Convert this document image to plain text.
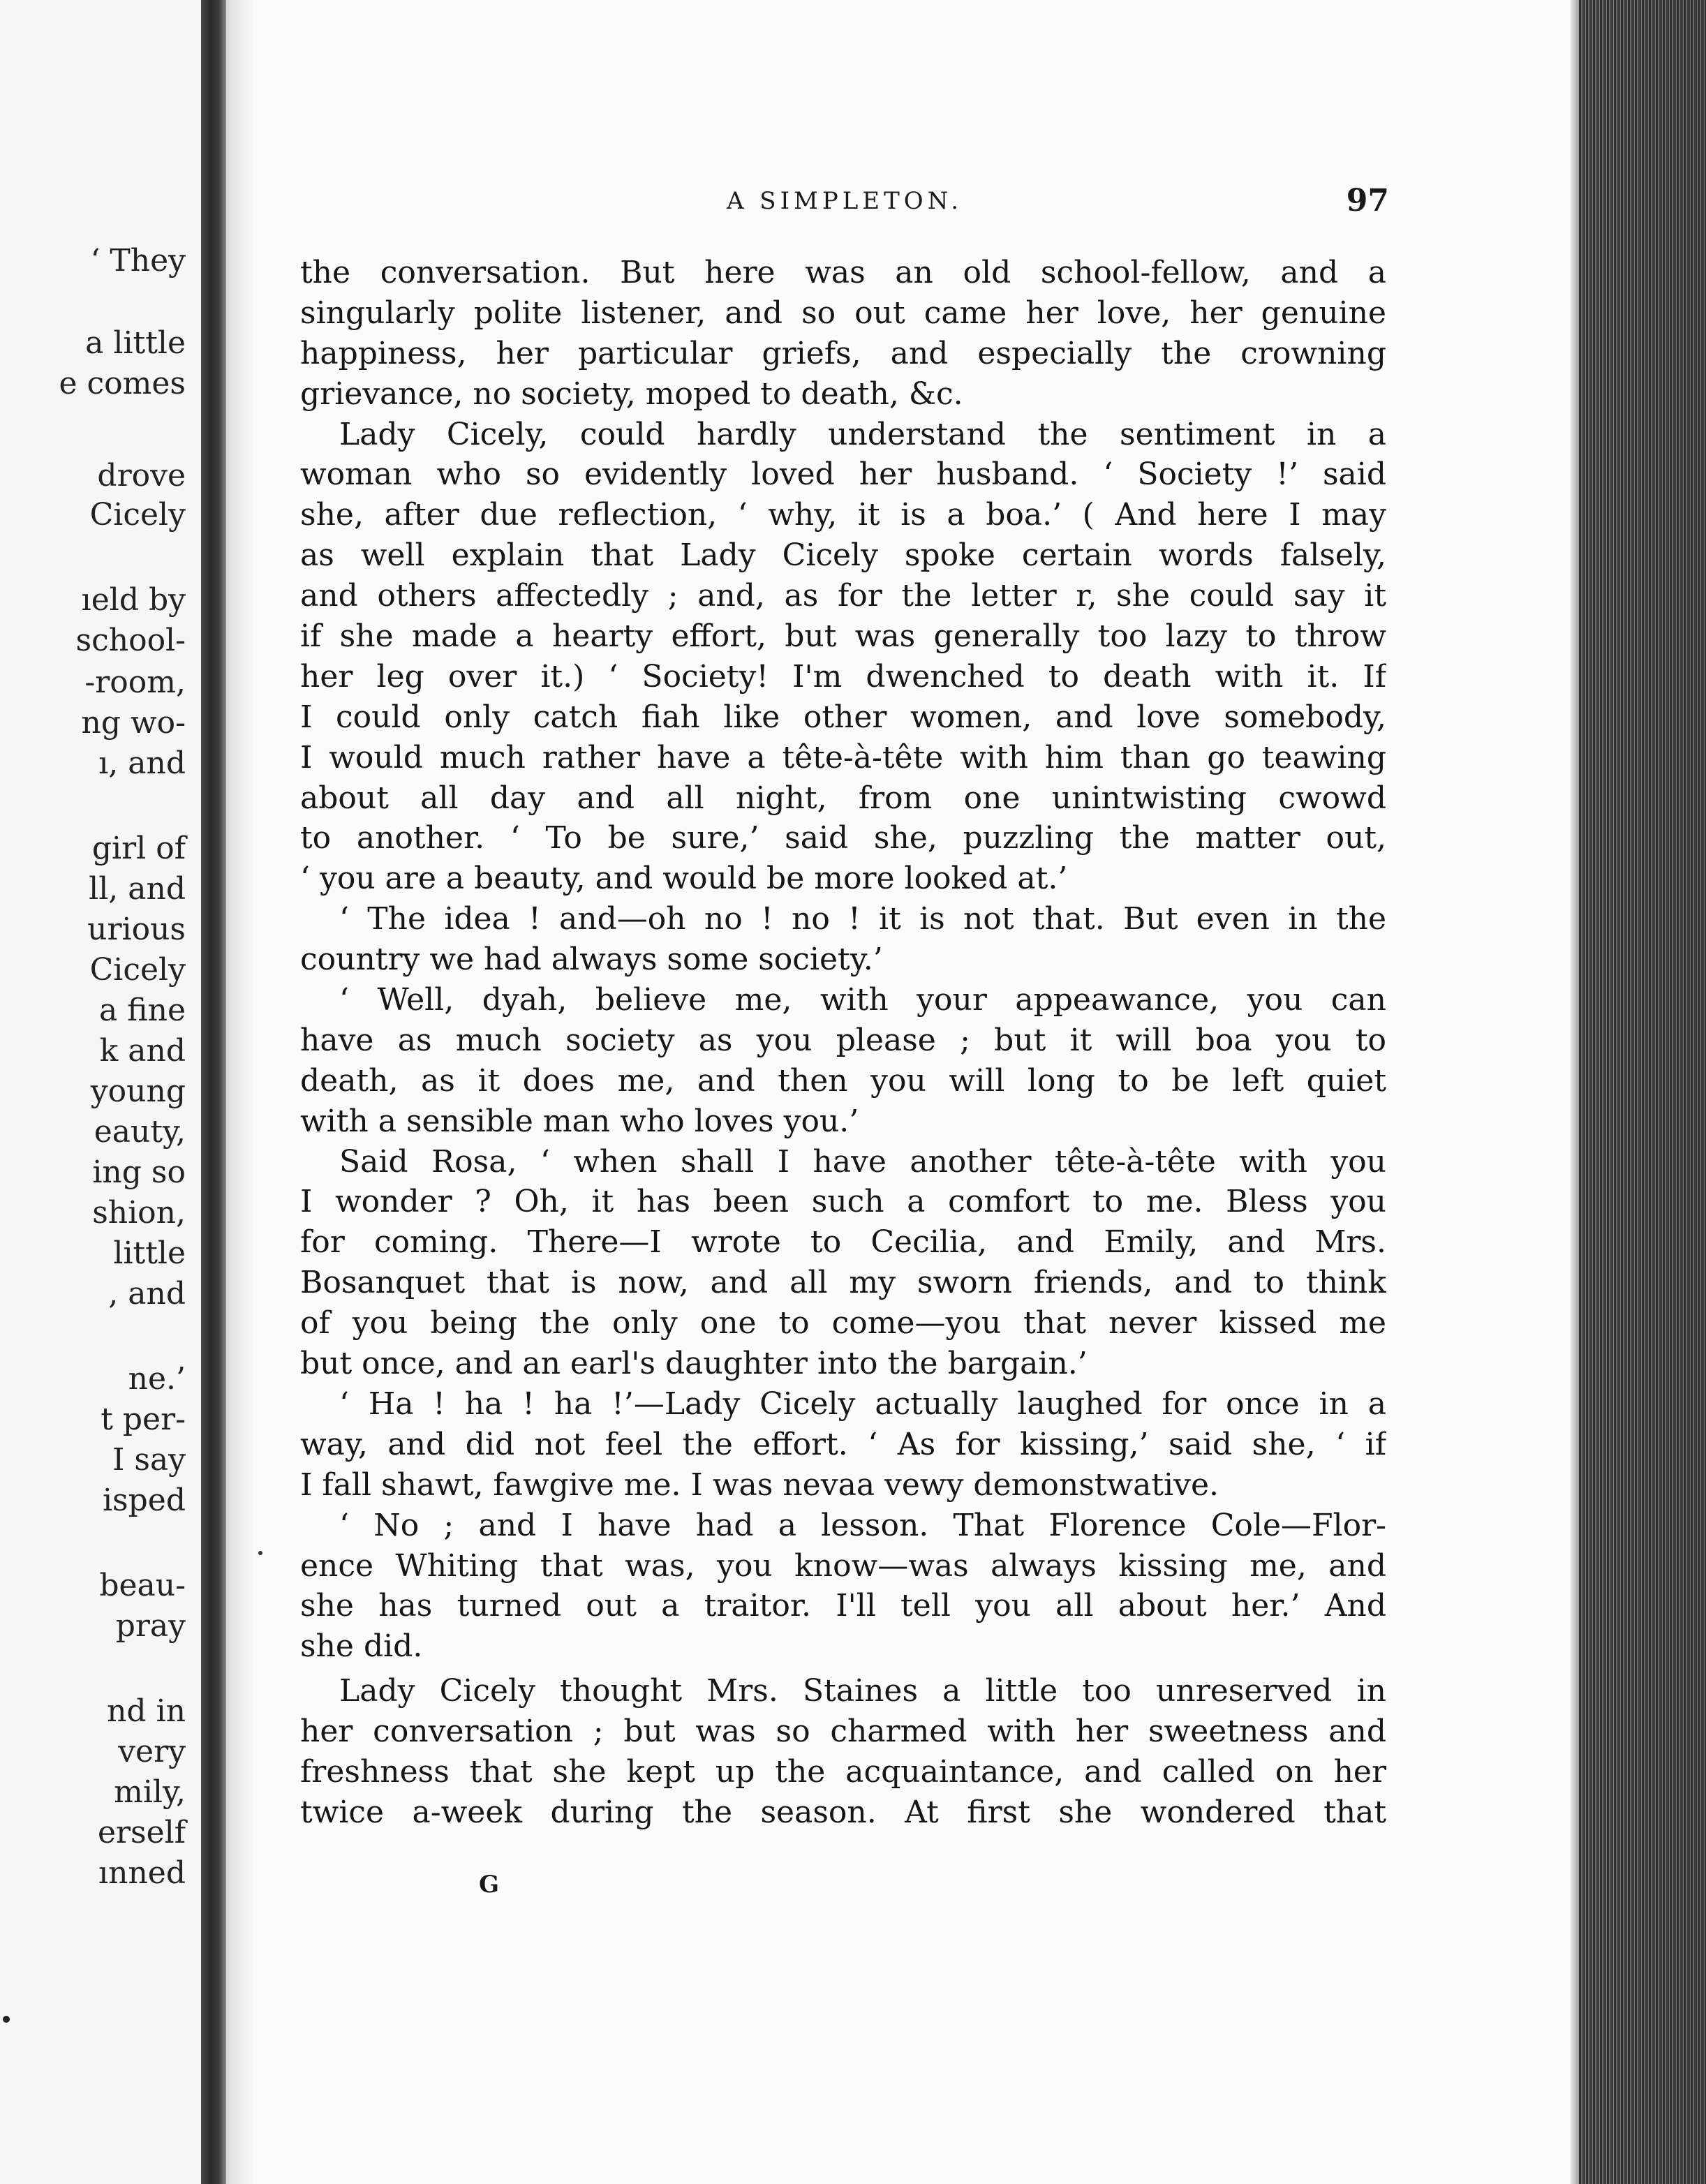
‘ They
a little
e comes
drove
Cicely
ıeld by
school-
-room,
ng wo-
ı, and
girl of
ll, and
urious
Cicely
a fine
k and
young
eauty,
ing so
shion,
little
, and
ne.’
t per-
I say
isped
beau-
pray
nd in
very
mily,
erself
ınned
A SIMPLETON.	97
the conversation. But here was an old school-fellow, and a
singularly polite listener, and so out came her love, her genuine
happiness, her particular griefs, and especially the crowning
grievance, no society, moped to death, &c.
Lady Cicely, could hardly understand the sentiment in a
woman who so evidently loved her husband. ‘ Society !’ said
she, after due reflection, ‘ why, it is a boa.’ ( And here I may
as well explain that Lady Cicely spoke certain words falsely,
and others affectedly ; and, as for the letter r, she could say it
if she made a hearty effort, but was generally too lazy to throw
her leg over it.) ‘ Society! I'm dwenched to death with it. If
I could only catch fiah like other women, and love somebody,
I would much rather have a tête-à-tête with him than go teawing
about all day and all night, from one unintwisting cwowd
to another. ‘ To be sure,’ said she, puzzling the matter out,
‘ you are a beauty, and would be more looked at.’
‘ The idea ! and—oh no ! no ! it is not that. But even in the
country we had always some society.’
‘ Well, dyah, believe me, with your appeawance, you can
have as much society as you please ; but it will boa you to
death, as it does me, and then you will long to be left quiet
with a sensible man who loves you.’
Said Rosa, ‘ when shall I have another tête-à-tête with you
I wonder ? Oh, it has been such a comfort to me. Bless you
for coming. There—I wrote to Cecilia, and Emily, and Mrs.
Bosanquet that is now, and all my sworn friends, and to think
of you being the only one to come—you that never kissed me
but once, and an earl's daughter into the bargain.’
‘ Ha ! ha ! ha !’—Lady Cicely actually laughed for once in a
way, and did not feel the effort. ‘ As for kissing,’ said she, ‘ if
I fall shawt, fawgive me. I was nevaa vewy demonstwative.
‘ No ; and I have had a lesson. That Florence Cole—Flor-
ence Whiting that was, you know—was always kissing me, and
she has turned out a traitor. I'll tell you all about her.’ And
she did.
Lady Cicely thought Mrs. Staines a little too unreserved in
her conversation ; but was so charmed with her sweetness and
freshness that she kept up the acquaintance, and called on her
twice a-week during the season. At first she wondered that
G
